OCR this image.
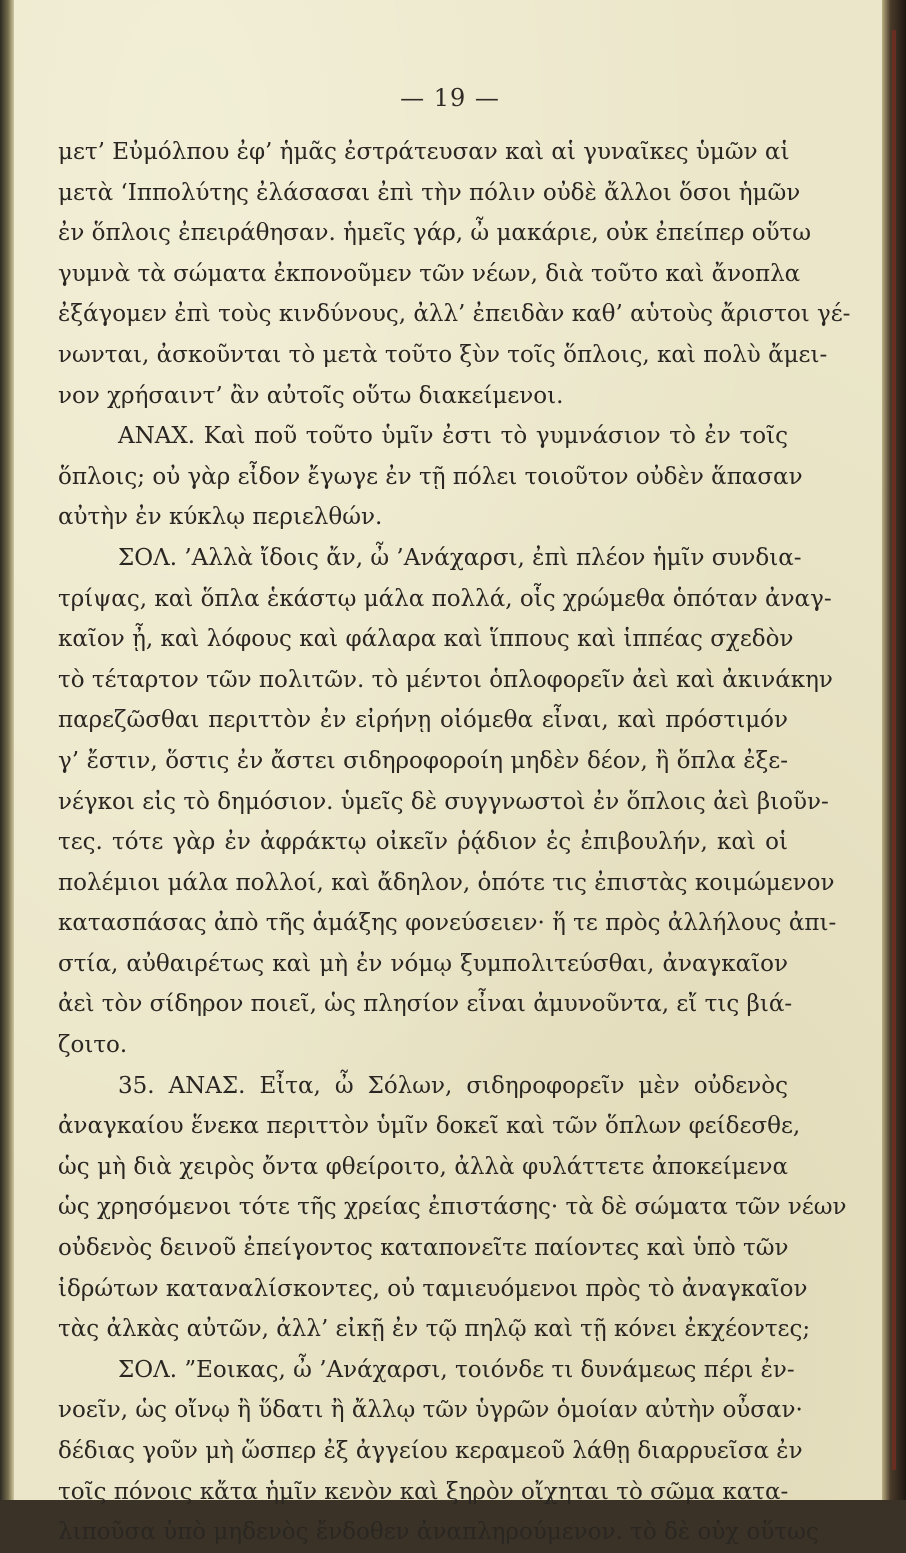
— 19 —
μετ’ Εὐμόλπου ἐφ’ ἡμᾶς ἐστράτευσαν καὶ αἱ γυναῖκες ὑμῶν αἱ
μετὰ ‘Ιππολύτης ἐλάσασαι ἐπὶ τὴν πόλιν οὐδὲ ἄλλοι ὅσοι ἡμῶν
ἐν ὅπλοις ἐπειράθησαν. ἡμεῖς γάρ, ὦ μακάριε, οὐκ ἐπείπερ οὕτω
γυμνὰ τὰ σώματα ἐκπονοῦμεν τῶν νέων, διὰ τοῦτο καὶ ἄνοπλα
ἐξάγομεν ἐπὶ τοὺς κινδύνους, ἀλλ’ ἐπειδὰν καθ’ αὑτοὺς ἄριστοι γέ-
νωνται, ἀσκοῦνται τὸ μετὰ τοῦτο ξὺν τοῖς ὅπλοις, καὶ πολὺ ἄμει-
νον χρήσαιντ’ ἂν αὐτοῖς οὕτω διακείμενοι.
ΑΝΑΧ. Καὶ ποῦ τοῦτο ὑμῖν ἐστι τὸ γυμνάσιον τὸ ἐν τοῖς
ὅπλοις; οὐ γὰρ εἶδον ἔγωγε ἐν τῇ πόλει τοιοῦτον οὐδὲν ἅπασαν
αὐτὴν ἐν κύκλῳ περιελθών.
ΣΟΛ. ’Αλλὰ ἴδοις ἄν, ὦ ’Ανάχαρσι, ἐπὶ πλέον ἡμῖν συνδια-
τρίψας, καὶ ὅπλα ἑκάστῳ μάλα πολλά, οἷς χρώμεθα ὁπόταν ἀναγ-
καῖον ᾖ, καὶ λόφους καὶ φάλαρα καὶ ἵππους καὶ ἱππέας σχεδὸν
τὸ τέταρτον τῶν πολιτῶν. τὸ μέντοι ὁπλοφορεῖν ἀεὶ καὶ ἀκινάκην
παρεζῶσθαι περιττὸν ἐν εἰρήνῃ οἰόμεθα εἶναι, καὶ πρόστιμόν
γ’ ἔστιν, ὅστις ἐν ἄστει σιδηροφοροίη μηδὲν δέον, ἢ ὅπλα ἐξε-
νέγκοι εἰς τὸ δημόσιον. ὑμεῖς δὲ συγγνωστοὶ ἐν ὅπλοις ἀεὶ βιοῦν-
τες. τότε γὰρ ἐν ἀφράκτῳ οἰκεῖν ῥᾴδιον ἐς ἐπιβουλήν, καὶ οἱ
πολέμιοι μάλα πολλοί, καὶ ἄδηλον, ὁπότε τις ἐπιστὰς κοιμώμενον
κατασπάσας ἀπὸ τῆς ἁμάξης φονεύσειεν· ἥ τε πρὸς ἀλλήλους ἀπι-
στία, αὐθαιρέτως καὶ μὴ ἐν νόμῳ ξυμπολιτεύσθαι, ἀναγκαῖον
ἀεὶ τὸν σίδηρον ποιεῖ, ὡς πλησίον εἶναι ἀμυνοῦντα, εἴ τις βιά-
ζοιτο.
35. ΑΝΑΣ. Εἶτα, ὦ Σόλων, σιδηροφορεῖν μὲν οὐδενὸς
ἀναγκαίου ἕνεκα περιττὸν ὑμῖν δοκεῖ καὶ τῶν ὅπλων φείδεσθε,
ὡς μὴ διὰ χειρὸς ὄντα φθείροιτο, ἀλλὰ φυλάττετε ἀποκείμενα
ὡς χρησόμενοι τότε τῆς χρείας ἐπιστάσης· τὰ δὲ σώματα τῶν νέων
οὐδενὸς δεινοῦ ἐπείγοντος καταπονεῖτε παίοντες καὶ ὑπὸ τῶν
ἱδρώτων καταναλίσκοντες, οὐ ταμιευόμενοι πρὸς τὸ ἀναγκαῖον
τὰς ἀλκὰς αὐτῶν, ἀλλ’ εἰκῇ ἐν τῷ πηλῷ καὶ τῇ κόνει ἐκχέοντες;
ΣΟΛ. ”Εοικας, ὦ ’Ανάχαρσι, τοιόνδε τι δυνάμεως πέρι ἐν-
νοεῖν, ὡς οἴνῳ ἢ ὕδατι ἢ ἄλλῳ τῶν ὑγρῶν ὁμοίαν αὐτὴν οὖσαν·
δέδιας γοῦν μὴ ὥσπερ ἐξ ἀγγείου κεραμεοῦ λάθῃ διαρρυεῖσα ἐν
τοῖς πόνοις κἄτα ἡμῖν κενὸν καὶ ξηρὸν οἴχηται τὸ σῶμα κατα-
λιποῦσα ὑπὸ μηδενὸς ἔνδοθεν ἀναπληρούμενον. τὸ δὲ οὐχ οὕτως
